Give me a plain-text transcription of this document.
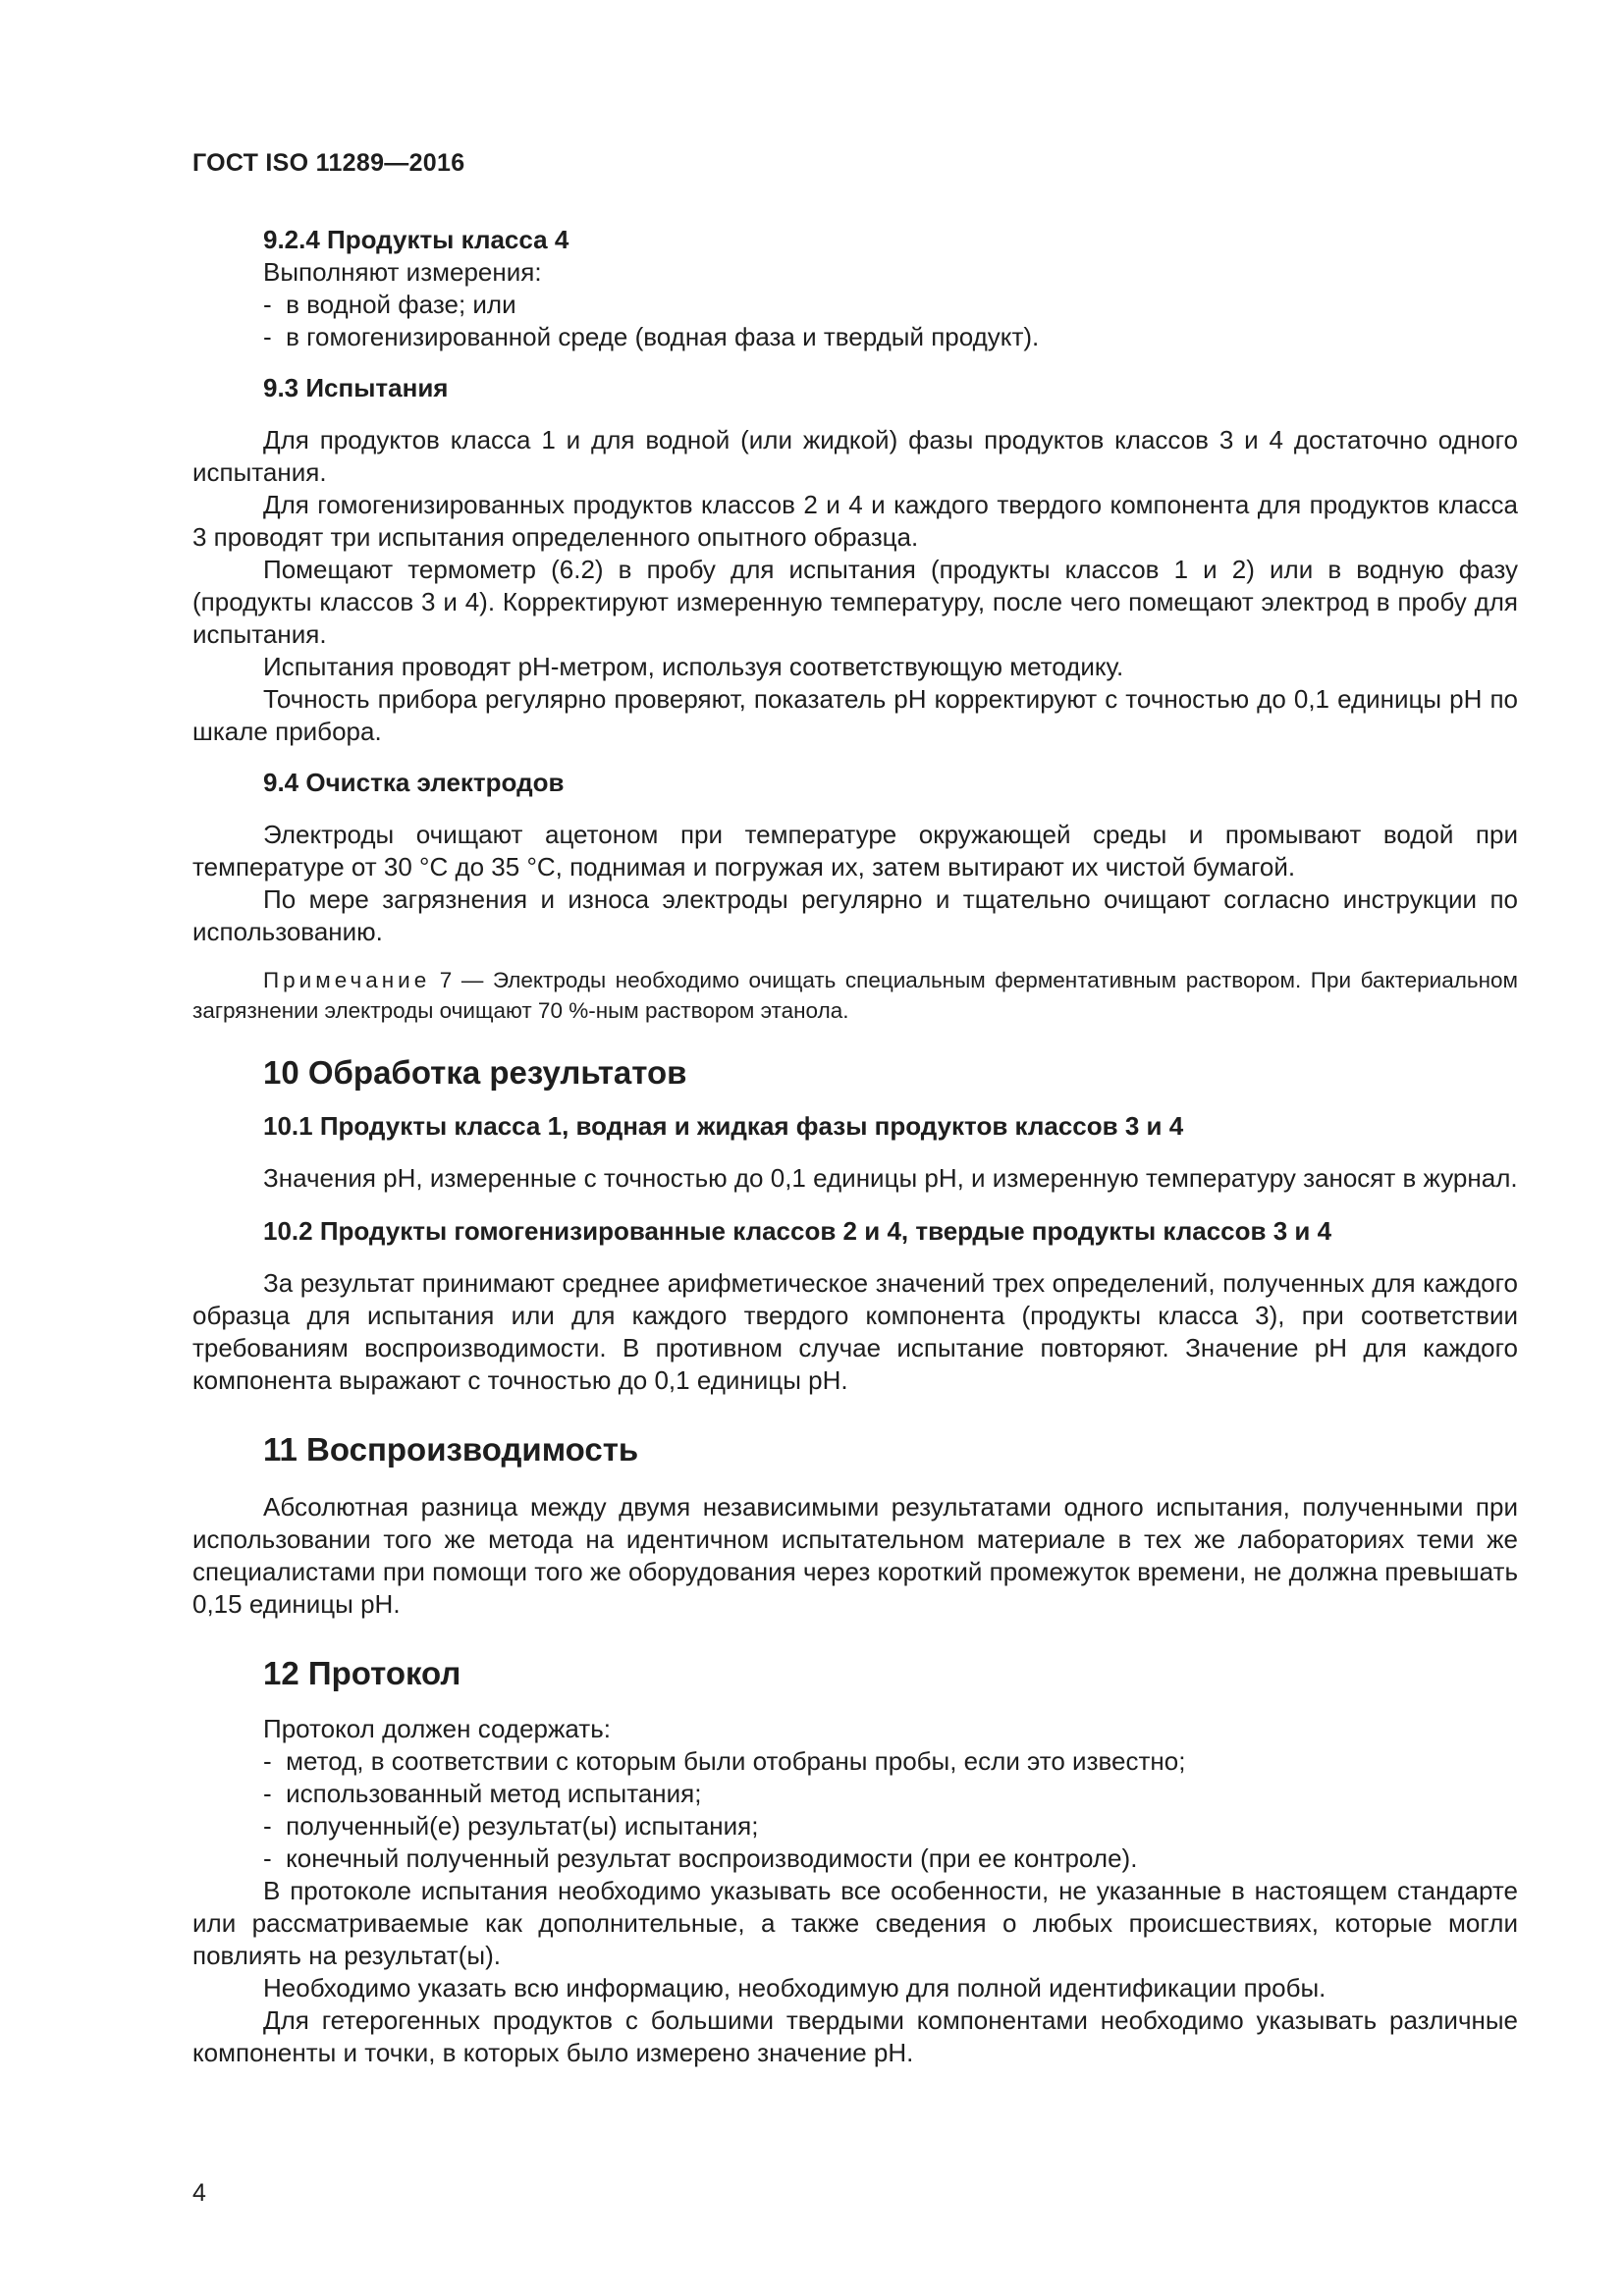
ГОСТ ISO 11289—2016

9.2.4 Продукты класса 4

Выполняют измерения:

-  в водной фазе; или

-  в гомогенизированной среде (водная фаза и твердый продукт).

9.3 Испытания

Для продуктов класса 1 и для водной (или жидкой) фазы продуктов классов 3 и 4 достаточно одного испытания.

Для гомогенизированных продуктов классов 2 и 4 и каждого твердого компонента для продуктов класса 3 проводят три испытания определенного опытного образца.

Помещают термометр (6.2) в пробу для испытания (продукты классов 1 и 2) или в водную фазу (продукты классов 3 и 4). Корректируют измеренную температуру, после чего помещают электрод в пробу для испытания.

Испытания проводят рН-метром, используя соответствующую методику.

Точность прибора регулярно проверяют, показатель рН корректируют с точностью до 0,1 единицы рН по шкале прибора.

9.4 Очистка электродов

Электроды очищают ацетоном при температуре окружающей среды и промывают водой при температуре от 30 °С до 35 °С, поднимая и погружая их, затем вытирают их чистой бумагой.

По мере загрязнения и износа электроды регулярно и тщательно очищают согласно инструкции по использованию.

Примечание 7 — Электроды необходимо очищать специальным ферментативным раствором. При бактериальном загрязнении электроды очищают 70 %-ным раствором этанола.

10 Обработка результатов

10.1 Продукты класса 1, водная и жидкая фазы продуктов классов 3 и 4

Значения рН, измеренные с точностью до 0,1 единицы рН, и измеренную температуру заносят в журнал.

10.2 Продукты гомогенизированные классов 2 и 4, твердые продукты классов 3 и 4

За результат принимают среднее арифметическое значений трех определений, полученных для каждого образца для испытания или для каждого твердого компонента (продукты класса 3), при соответствии требованиям воспроизводимости. В противном случае испытание повторяют. Значение рН для каждого компонента выражают с точностью до 0,1 единицы рН.

11 Воспроизводимость

Абсолютная разница между двумя независимыми результатами одного испытания, полученными при использовании того же метода на идентичном испытательном материале в тех же лабораториях теми же специалистами при помощи того же оборудования через короткий промежуток времени, не должна превышать 0,15 единицы рН.

12 Протокол

Протокол должен содержать:

-  метод, в соответствии с которым были отобраны пробы, если это известно;

-  использованный метод испытания;

-  полученный(е) результат(ы) испытания;

-  конечный полученный результат воспроизводимости (при ее контроле).

В протоколе испытания необходимо указывать все особенности, не указанные в настоящем стандарте или рассматриваемые как дополнительные, а также сведения о любых происшествиях, которые могли повлиять на результат(ы).

Необходимо указать всю информацию, необходимую для полной идентификации пробы.

Для гетерогенных продуктов с большими твердыми компонентами необходимо указывать различные компоненты и точки, в которых было измерено значение рН.

4
